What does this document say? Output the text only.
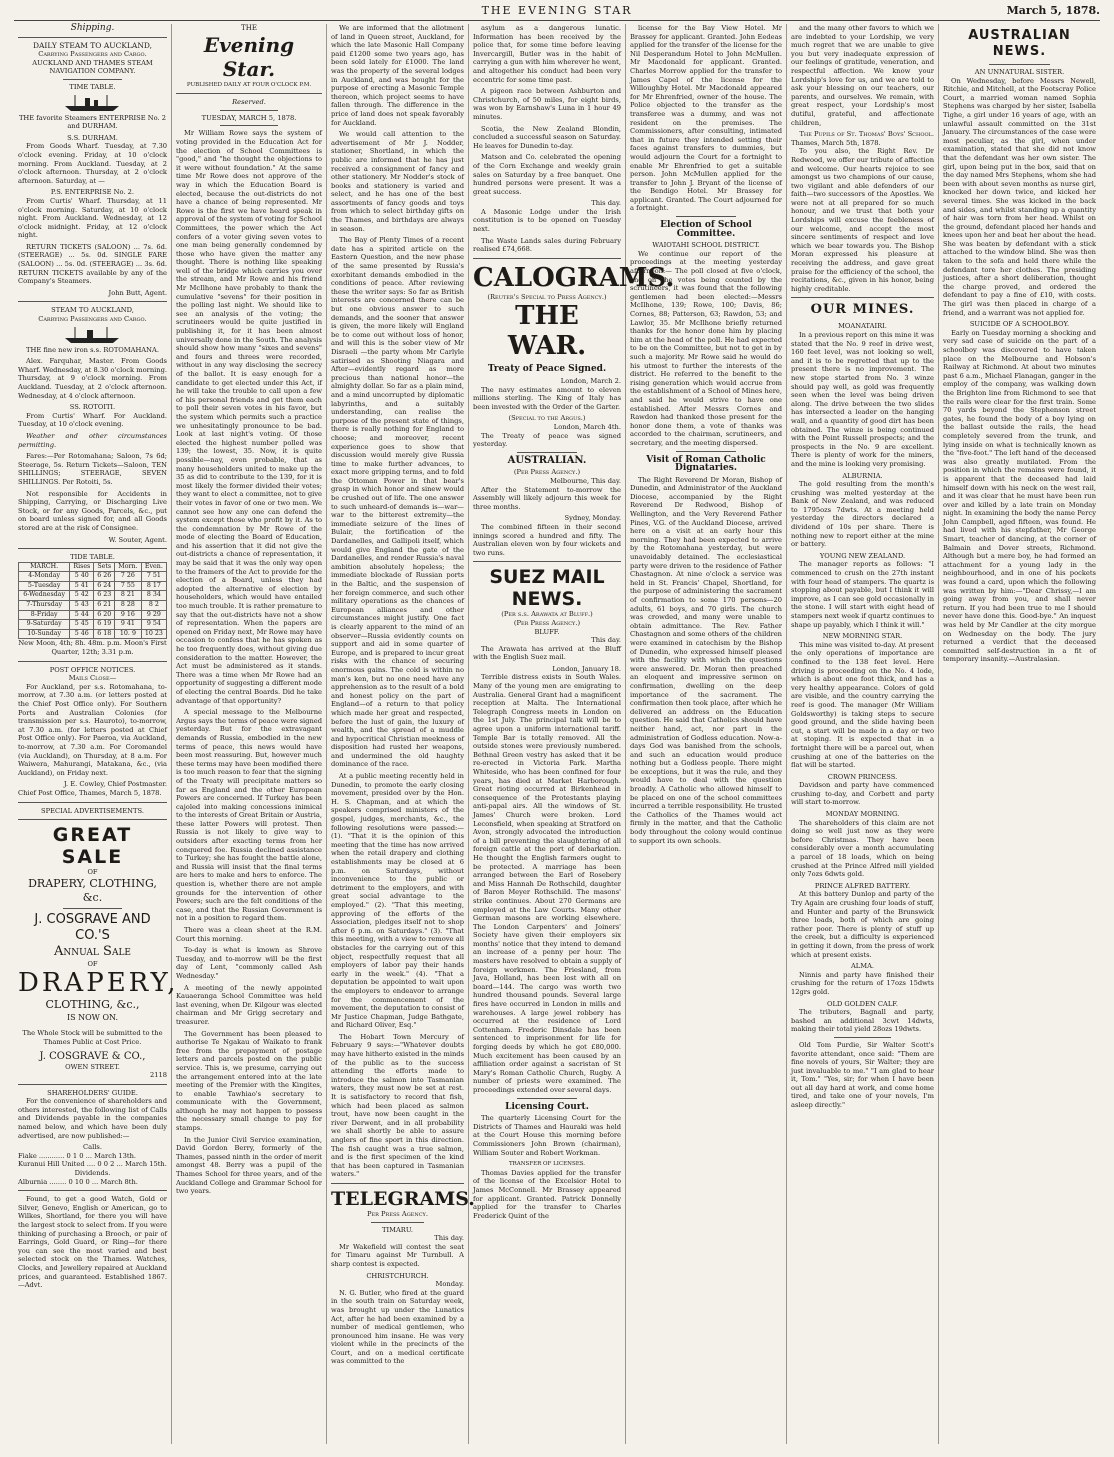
THE EVENING STAR	March 5, 1878.
Shipping.
DAILY STEAM TO AUCKLAND,
Carrying Passengers and Cargo.
AUCKLAND AND THAMES STEAM NAVIGATION COMPANY.
TIME TABLE.

THE favorite Steamers ENTERPRISE No. 2 and DURHAM.

S.S. DURHAM.

From Goods Wharf. Tuesday, at 7.30 o'clock evening. Friday, at 10 o'clock morning. From Auckland. Tuesday, at 2 o'clock afternoon. Thursday, at 2 o'clock afternoon. Saturday, at —

P.S. ENTERPRISE No. 2.

From Curtis' Wharf. Thursday, at 11 o'clock morning. Saturday, at 10 o'clock night. From Auckland. Wednesday, at 12 o'clock midnight. Friday, at 12 o'clock night.

RETURN TICKETS (SALOON) ... 7s. 6d. (STEERAGE) ... 5s. 0d. SINGLE FARE (SALOON) ... 5s. 0d. (STEERAGE) ... 3s. 6d. RETURN TICKETS available by any of the Company's Steamers.

John Butt, Agent.
STEAM TO AUCKLAND,
Carrying Passengers and Cargo.

THE fine new iron s.s. ROTOMAHANA.

Alex. Farquhar, Master. From Goods Wharf. Wednesday, at 8.30 o'clock morning. Thursday, at 9 o'clock morning. From Auckland. Tuesday, at 2 o'clock afternoon. Wednesday, at 4 o'clock afternoon.

SS. ROTOITI.

From Curtis' Wharf. For Auckland. Tuesday, at 10 o'clock evening.

Weather and other circumstances permitting.

Fares:—Per Rotomahana; Saloon, 7s 6d; Steerage, 5s. Return Tickets—Saloon, TEN SHILLINGS; STEERAGE, SEVEN SHILLINGS. Per Rotoiti, 5s.

Not responsible for Accidents in Shipping, Carrying, or Discharging Live Stock, or for any Goods, Parcels, &c., put on board unless signed for, and all Goods stored are at the risk of Consignee.

W. Souter, Agent.
TIDE TABLE.
MARCH.	Rises	Sets	Morn.	Even.
4-Monday	5 40	6 26	7 26	7 51
5-Tuesday	5 41	6 24	7 55	8 17
6-Wednesday	5 42	6 23	8 21	8 34
7-Thursday	5 43	6 21	8 28	8 2
8-Friday	5 44	6 20	9 16	9 29
9-Saturday	5 45	6 19	9 41	9 54
10-Sunday	5 46	6 18	10. 9	10 23

New Moon, 4th; 8h. 48m. p.m. Moon's First Quarter, 12th; 3.31 p.m.

POST OFFICE NOTICES.
Mails Close—

For Auckland, per s.s. Rotomahana, to-morrow, at 7.30 a.m. (or letters posted at the Chief Post Office only). For Southern Ports and Australian Colonies (for transmission per s.s. Hauroto), to-morrow, at 7.30 a.m. (for letters posted at Chief Post Office only). For Paeroa, via Auckland, to-morrow, at 7.30 a.m. For Coromandel (via Auckland), on Thursday, at 8 a.m. For Waiwera, Mahurangi, Matakana, &c., (via Auckland), on Friday next.

J. E. Cowley, Chief Postmaster.
Chief Post Office, Thames, March 5, 1878.
SPECIAL ADVERTISEMENTS.
GREAT SALE
OF
DRAPERY, CLOTHING, &c.
J. COSGRAVE AND CO.'S
Annual Sale
OF
DRAPERY,
CLOTHING, &c.,
IS NOW ON.

The Whole Stock will be submitted to the Thames Public at Cost Price.

J. COSGRAVE & CO.,
OWEN STREET.
2118
SHAREHOLDERS' GUIDE.

For the convenience of shareholders and others interested, the following list of Calls and Dividends payable in the companies named below, and which have been duly advertised, are now published:—

Calls.
Fiake ............ 0 1 0 ... March 13th.
Kuranui Hill United .... 0 0 2 ... March 15th.
Dividends.
Alburnia ........ 0 10 0 ... March 8th.

Found, to get a good Watch, Gold or Silver, Genevo, English or American, go to Wilkes, Shortland, for there you will have the largest stock to select from. If you were thinking of purchasing a Brooch, or pair of Earrings, Gold Guard, or Ring—for there you can see the most varied and best selected stock on the Thames. Watches, Clocks, and Jewellery repaired at Auckland prices, and guaranteed. Established 1867.—Advt.

THE
Evening Star.
PUBLISHED DAILY AT FOUR O'CLOCK P.M.
Reserved.
TUESDAY, MARCH 5, 1878.

Mr William Rowe says the system of voting provided in the Education Act for the election of School Committees is "good," and "he thought the objections to it were without foundation." At the same time Mr Rowe does not approve of the way in which the Education Board is elected, because the out-districts do not have a chance of being represented. Mr Rowe is the first we have heard speak in approval of the system of voting for School Committees, the power which the Act confers of a voter giving seven votes to one man being generally condemned by those who have given the matter any thought. There is nothing like speaking well of the bridge which carries you over the stream, and Mr Rowe and his friend Mr McIlhone have probably to thank the cumulative "sevens" for their position in the polling last night. We should like to see an analysis of the voting; the scrutineers would be quite justified in publishing it, for it has been almost universally done in the South. The analysis should show how many "sixes and sevens" and fours and threes were recorded, without in any way disclosing the secrecy of the ballot. It is easy enough for a candidate to get elected under this Act, if he will take the trouble to call upon a few of his personal friends and get them each to poll their seven votes in his favor, but the system which permits such a practice we unhesitatingly pronounce to be bad. Look at last night's voting. Of those elected the highest number polled was 139; the lowest, 35. Now, it is quite possible—nay, even probable, that as many householders united to make up the 35 as did to contribute to the 139, for it is most likely the former divided their votes; they want to elect a committee, not to give their votes in favor of one or two men. We cannot see how any one can defend the system except those who profit by it. As to the condemnation by Mr Rowe of the mode of electing the Board of Education, and his assertion that it did not give the out-districts a chance of representation, it may be said that it was the only way open to the framers of the Act to provide for the election of a Board, unless they had adopted the alternative of election by householders, which would have entailed too much trouble. It is rather premature to say that the out-districts have not a show of representation. When the papers are opened on Friday next, Mr Rowe may have occasion to confess that he has spoken as he too frequently does, without giving due consideration to the matter. However, the Act must be administered as it stands. There was a time when Mr Rowe had an opportunity of suggesting a different mode of electing the central Boards. Did he take advantage of that opportunity?

A special message to the Melbourne Argus says the terms of peace were signed yesterday. But for the extravagant demands of Russia, embodied in the new terms of peace, this news would have been most reassuring. But, however much these terms may have been modified there is too much reason to fear that the signing of the Treaty will precipitate matters so far as England and the other European Powers are concerned. If Turkey has been cajoled into making concessions inimical to the interests of Great Britain or Austria, these latter Powers will protest. Then Russia is not likely to give way to outsiders after exacting terms from her conquered foe. Russia declined assistance to Turkey; she has fought the battle alone, and Russia will insist that the final terms are hers to make and hers to enforce. The question is, whether there are not ample grounds for the intervention of other Powers; such are the felt conditions of the case, and that the Russian Government is not in a position to regard them.

There was a clean sheet at the R.M. Court this morning.

To-day is what is known as Shrove Tuesday, and to-morrow will be the first day of Lent, "commonly called Ash Wednesday."

A meeting of the newly appointed Kauaeranga School Committee was held last evening, when Dr. Kilgour was elected chairman and Mr Grigg secretary and treasurer.

The Government has been pleased to authorise Te Ngakau of Waikato to frank free from the prepayment of postage letters and parcels posted on the public service. This is, we presume, carrying out the arrangement entered into at the late meeting of the Premier with the Kingites, to enable Tawhiao's secretary to communicate with the Government, although he may not happen to possess the necessary small change to pay for stamps.

In the Junior Civil Service examination, David Gordon Berry, formerly of the Thames, passed ninth in the order of merit amongst 48. Berry was a pupil of the Thames School for three years, and of the Auckland College and Grammar School for two years.

We are informed that the allotment of land in Queen street, Auckland, for which the late Masonic Hall Company paid £1200 some two years ago, has been sold lately for £1000. The land was the property of the several lodges in Auckland, and was bought for the purpose of erecting a Masonic Temple thereon, which project seems to have fallen through. The difference in the price of land does not speak favorably for Auckland.

We would call attention to the advertisement of Mr J. Nodder, stationer, Shortland, in which the public are informed that he has just received a consignment of fancy and other stationery. Mr Nodder's stock of books and stationery is varied and select, and he has one of the best assortments of fancy goods and toys from which to select birthday gifts on the Thames, and birthdays are always in season.

The Bay of Plenty Times of a recent date has a spirited article on the Eastern Question, and the new phase of the same presented by Russia's exorbitant demands embodied in the conditions of peace. After reviewing these the writer says: So far as British interests are concerned there can be but one obvious answer to such demands, and the sooner that answer is given, the more likely will England be to come out without loss of honor, and will this is the sober view of Mr Disraeli —the party whom Mr Carlyle satirised as Shooting Niagara and After—evidently regard as more precious than national honor—the almighty dollar. So far as a plain mind, and a mind uncorrupted by diplomatic labyrinths, and a suitably understanding, can realise the purpose of the present state of things, there is really nothing for England to choose; and moreover, recent experience goes to show that discussion would merely give Russia time to make further advances, to exact more gripping terms, and to fold the Ottoman Power in that bear's grasp in which honor and sinew would be crushed out of life. The one answer to such unheard-of demands is—war—war to the bitterest extremity—the immediate seizure of the lines of Bulair, the fortification of the Dardanelles, and Gallipoli itself, which would give England the gate of the Dardanelles, and render Russia's naval ambition absolutely hopeless; the immediate blockade of Russian ports in the Baltic, and the suspension of her foreign commerce, and such other military operations as the chances of European alliances and other circumstances might justify. One fact is clearly apparent to the mind of an observer—Russia evidently counts on support and aid in some quarter of Europe, and is prepared to incur great risks with the chance of securing enormous gains. The cold is within no man's ken, but no one need have any apprehension as to the result of a bold and honest policy on the part of England—of a return to that policy which made her great and respected, before the lust of gain, the luxury of wealth, and the spread of a muddle and hypocritical Christian meekness of disposition had rusted her weapons, and undermined the old haughty dominance of the race.

At a public meeting recently held in Dunedin, to promote the early closing movement, presided over by the Hon. H. S. Chapman, and at which the speakers comprised ministers of the gospel, judges, merchants, &c., the following resolutions were passed:—(1). "That it is the opinion of this meeting that the time has now arrived when the retail drapery and clothing establishments may be closed at 6 p.m. on Saturdays, without inconvenience to the public or detriment to the employers, and with great social advantage to the employed." (2). "That this meeting, approving of the efforts of the Association, pledges itself not to shop after 6 p.m. on Saturdays." (3). "That this meeting, with a view to remove all obstacles for the carrying out of this object, respectfully request that all employers of labor pay their hands early in the week." (4). "That a deputation be appointed to wait upon the employers to endeavor to arrange for the commencement of the movement, the deputation to consist of Mr Justice Chapman, Judge Bathgate, and Richard Oliver, Esq."

The Hobart Town Mercury of February 9 says:—"Whatever doubts may have hitherto existed in the minds of the public as to the success attending the efforts made to introduce the salmon into Tasmanian waters, they must now be set at rest. It is satisfactory to record that fish, which had been placed as salmon trout, have now been caught in the river Derwent, and in all probability we shall shortly be able to assure anglers of fine sport in this direction. The fish caught was a true salmon, and is the first specimen of the kind that has been captured in Tasmanian waters."

TELEGRAMS.
Per Press Agency.
TIMARU.
This day.

Mr Wakefield will contest the seat for Timaru against Mr Turnbull. A sharp contest is expected.

CHRISTCHURCH.
Monday.

N. G. Butler, who fired at the guard in the south train on Saturday week, was brought up under the Lunatics Act, after he had been examined by a number of medical gentlemen, who pronounced him insane. He was very violent while in the precincts of the Court, and on a medical certificate was committed to the

asylum as a dangerous lunatic. Information has been received by the police that, for some time before leaving Invercargill, Butler was in the habit of carrying a gun with him wherever he went, and altogether his conduct had been very eccentric for some time past.

A pigeon race between Ashburton and Christchurch, of 50 miles, for eight birds, was won by Earnshaw's Luna in 1 hour 49 minutes.

Scotia, the New Zealand Blondin, concluded a successful season on Saturday. He leaves for Dunedin to-day.

Matson and Co. celebrated the opening of the Corn Exchange and weekly grain sales on Saturday by a free banquet. One hundred persons were present. It was a great success.

This day.

A Masonic Lodge under the Irish constitution is to be opened on Tuesday next.

The Waste Lands sales during February realised £74,668.

CALOGRAMS.
(Reuter's Special to Press Agency.)
THE WAR.
Treaty of Peace Signed.
London, March 2.

The navy estimates amount to eleven millions sterling. The King of Italy has been invested with the Order of the Garter.

(Special to the Argus.)
London, March 4th.

The Treaty of peace was signed yesterday.

AUSTRALIAN.
(Per Press Agency.)
Melbourne, This day.

After the Statement to-morrow the Assembly will likely adjourn this week for three months.

Sydney, Monday.

The combined fifteen in their second innings scored a hundred and fifty. The Australian eleven won by four wickets and two runs.

SUEZ MAIL NEWS.
(Per s.s. Arawata at Bluff.)
(Per Press Agency.)
BLUFF.
This day.

The Arawata has arrived at the Bluff with the English Suez mail.

London, January 18.

Terrible distress exists in South Wales. Many of the young men are emigrating to Australia. General Grant had a magnificent reception at Malta. The International Telegraph Congress meets in London on the 1st July. The principal talk will be to agree upon a uniform international tariff. Temple Bar is totally removed. All the outside stones were previously numbered. Bethnal Green vestry has asked that it be re-erected in Victoria Park. Martha Whiteside, who has been confined for four years, has died at Market Harborough. Great rioting occurred at Birkenhead in consequence of the Protestants playing anti-papal airs. All the windows of St. James' Church were broken. Lord Leconsfield, when speaking at Stratford on Avon, strongly advocated the introduction of a bill preventing the slaughtering of all foreign cattle at the port of debarkation. He thought the English farmers ought to be protected. A marriage has been arranged between the Earl of Rosebery and Miss Hannah De Rothschild, daughter of Baron Meyer Rothschild. The masons' strike continues. About 270 Germans are employed at the Law Courts. Many other German masons are working elsewhere. The London Carpenters' and Joiners' Society have given their employers six months' notice that they intend to demand an increase of a penny per hour. The masters have resolved to obtain a supply of foreign workmen. The Friesland, from Java, Holland, has been lost with all on board—144. The cargo was worth two hundred thousand pounds. Several large fires have occurred in London in mills and warehouses. A large jewel robbery has occurred at the residence of Lord Cottenham. Frederic Dinsdale has been sentenced to imprisonment for life for forging deeds by which he got £80,000. Much excitement has been caused by an affiliation order against a sacristan of St Mary's Roman Catholic Church, Rugby. A number of priests were examined. The proceedings extended over several days.

Licensing Court.

The quarterly Licensing Court for the Districts of Thames and Hauraki was held at the Court House this morning before Commissioners John Brown (chairman), William Souter and Robert Workman.

TRANSFER OF LICENSES.

Thomas Davies applied for the transfer of the license of the Excelsior Hotel to James McConnell. Mr Brassey appeared for applicant. Granted. Patrick Donnelly applied for the transfer to Charles Frederick Quint of the

license for the Bay View Hotel. Mr Brassey for applicant. Granted. John Eedeas applied for the transfer of the license for the Nil Desperandum Hotel to John McMullen. Mr Macdonald for applicant. Granted. Charles Morrow applied for the transfer to James Capel of the license for the Willoughby Hotel. Mr Macdonald appeared for Mr Ehrenfried, owner of the house. The Police objected to the transfer as the transferee was a dummy, and was not resident on the premises. The Commissioners, after consulting, intimated that in future they intended setting their faces against transfers to dummies, but would adjourn the Court for a fortnight to enable Mr Ehrenfried to get a suitable person. John McMullen applied for the transfer to John J. Bryant of the license of the Bendigo Hotel. Mr Brassey for applicant. Granted. The Court adjourned for a fortnight.

Election of School Committee.
WAIOTAHI SCHOOL DISTRICT.

We continue our report of the proceedings at the meeting yesterday afternoon:— The poll closed at five o'clock, and on the votes being counted by the scrutineers, it was found that the following gentlemen had been elected:—Messrs McIlhone, 139; Rowe, 100; Davis, 86; Cornes, 88; Patterson, 63; Rawdon, 53; and Lawlor, 35. Mr McIlhone briefly returned thanks for the honor done him by placing him at the head of the poll. He had expected to be on the Committee, but not to get in by such a majority. Mr Rowe said he would do his utmost to further the interests of the district. He referred to the benefit to the rising generation which would accrue from the establishment of a School of Mines here, and said he would strive to have one established. After Messrs Cornes and Rawdon had thanked those present for the honor done them, a vote of thanks was accorded to the chairman, scrutineers, and secretary, and the meeting dispersed.

Visit of Roman Catholic Dignataries.

The Right Reverend Dr Moran, Bishop of Dunedin, and Administrator of the Auckland Diocese, accompanied by the Right Reverend Dr Redwood, Bishop of Wellington, and the Very Reverend Father Pines, V.G. of the Auckland Diocese, arrived here on a visit at an early hour this morning. They had been expected to arrive by the Rotomahana yesterday, but were unavoidably detained. The ecclesiastical party were driven to the residence of Father Chastagnon. At nine o'clock a service was held in St. Francis' Chapel, Shortland, for the purpose of administering the sacrament of confirmation to some 170 persons—20 adults, 61 boys, and 70 girls. The church was crowded, and many were unable to obtain admittance. The Rev. Father Chastagnon and some others of the children were examined in catechism by the Bishop of Dunedin, who expressed himself pleased with the facility with which the questions were answered. Dr. Moran then preached an eloquent and impressive sermon on confirmation, dwelling on the deep importance of the sacrament. The confirmation then took place, after which he delivered an address on the Education question. He said that Catholics should have neither hand, act, nor part in the administration of Godless education. Now-a-days God was banished from the schools, and such an education would produce nothing but a Godless people. There might be exceptions, but it was the rule, and they would have to deal with the question broadly. A Catholic who allowed himself to be placed on one of the school committees incurred a terrible responsibility. He trusted the Catholics of the Thames would act firmly in the matter, and that the Catholic body throughout the colony would continue to support its own schools.

and the many other favors to which we are indebted to your Lordship, we very much regret that we are unable to give you but very inadequate expression of our feelings of gratitude, veneration, and respectful affection. We know your Lordship's love for us, and we are told to ask your blessing on our teachers, our parents, and ourselves. We remain, with great respect, your Lordship's most dutiful, grateful, and affectionate children,

The Pupils of St. Thomas' Boys' School.
Thames, March 5th, 1878.

To you also, the Right Rev. Dr Redwood, we offer our tribute of affection and welcome. Our hearts rejoice to see amongst us two champions of our cause, two vigilant and able defenders of our faith—two successors of the Apostles. We were not at all prepared for so much honour, and we trust that both your Lordships will excuse the feebleness of our welcome, and accept the most sincere sentiments of respect and love which we bear towards you. The Bishop Moran expressed his pleasure at receiving the address, and gave great praise for the efficiency of the school, the recitations, &c., given in his honor, being highly creditable.

OUR MINES.
MOANATAIRI.

In a previous report on this mine it was stated that the No. 9 reef in drive west, 160 feet level, was not looking so well, and it is to be regretted that up to the present there is no improvement. The new stope started from No. 3 winze should pay well, as gold was frequently seen when the level was being driven along. The drive between the two slides has intersected a leader on the hanging wall, and a quantity of good dirt has been obtained. The winze is being continued with the Point Russell prospects; and the prospects in the No. 9 are excellent. There is plenty of work for the miners, and the mine is looking very promising.

ALBURNIA.

The gold resulting from the month's crushing was melted yesterday at the Bank of New Zealand, and was reduced to 1795ozs 7dwts. At a meeting held yesterday the directors declared a dividend of 10s per share. There is nothing new to report either at the mine or battery.

YOUNG NEW ZEALAND.

The manager reports as follows: "I commenced to crush on the 27th instant with four head of stampers. The quartz is stopping about payable, but I think it will improve, as I can see gold occasionally in the stone. I will start with eight head of stampers next week if quartz continues to shape up payably, which I think it will."

NEW MORNING STAR.

This mine was visited to-day. At present the only operations of importance are confined to the 138 feet level. Here driving is proceeding on the No. 4 lode, which is about one foot thick, and has a very healthy appearance. Colors of gold are visible, and the country carrying the reef is good. The manager (Mr William Goldsworthy) is taking steps to secure good ground, and the slide having been cut, a start will be made in a day or two at stoping. It is expected that in a fortnight there will be a parcel out, when crushing at one of the batteries on the flat will be started.

CROWN PRINCESS.

Davidson and party have commenced crushing to-day, and Corbett and party will start to-morrow.

MONDAY MORNING.

The shareholders of this claim are not doing so well just now as they were before Christmas. They have been considerably over a month accumulating a parcel of 18 loads, which on being crushed at the Prince Alfred mill yielded only 7ozs 6dwts gold.

PRINCE ALFRED BATTERY.

At this battery Dunlop and party of the Try Again are crushing four loads of stuff, and Hunter and party of the Brunswick three loads, both of which are going rather poor. There is plenty of stuff up the creek, but a difficulty is experienced in getting it down, from the press of work which at present exists.

ALMA.

Ninnis and party have finished their crushing for the return of 17ozs 15dwts 12grs gold.

OLD GOLDEN CALF.

The tributers, Bagnall and party, bashed an additional 3cwt 14dwts, making their total yield 28ozs 19dwts.

Old Tom Purdie, Sir Walter Scott's favorite attendant, once said: "Them are fine novels of yours, Sir Walter; they are just invaluable to me." "I am glad to hear it, Tom." "Yes, sir; for when I have been out all day hard at work, and come home tired, and take one of your novels, I'm asleep directly."

AUSTRALIAN NEWS.
AN UNNATURAL SISTER.

On Wednesday, before Messrs Newell, Ritchie, and Mitchell, at the Footscray Police Court, a married woman named Sophia Stephens was charged by her sister, Isabella Tighe, a girl under 16 years of age, with an unlawful assault committed on the 31st January. The circumstances of the case were most peculiar, as the girl, when under examination, stated that she did not know that the defendant was her own sister. The girl, upon being put in the box, said that on the day named Mrs Stephens, whom she had been with about seven months as nurse girl, knocked her down twice, and kicked her several times. She was kicked in the back and sides, and whilst standing up a quantity of hair was torn from her head. Whilst on the ground, defendant placed her hands and knees upon her and beat her about the head. She was beaten by defendant with a stick attached to the window blind. She was then taken to the sofa and held there while the defendant tore her clothes. The presiding justices, after a short deliberation, thought the charge proved, and ordered the defendant to pay a fine of £10, with costs. The girl was then placed in charge of a friend, and a warrant was not applied for.

SUICIDE OF A SCHOOLBOY.

Early on Tuesday morning a shocking and very sad case of suicide on the part of a schoolboy was discovered to have taken place on the Melbourne and Hobson's Railway at Richmond. At about two minutes past 6 a.m., Michael Flanagan, ganger in the employ of the company, was walking down the Brighton line from Richmond to see that the rails were clear for the first train. Some 70 yards beyond the Stephenson street gates, he found the body of a boy lying on the ballast outside the rails, the head completely severed from the trunk, and lying inside on what is technically known as the "five-foot." The left hand of the deceased was also greatly mutilated. From the position in which the remains were found, it is apparent that the deceased had laid himself down with his neck on the west rail, and it was clear that he must have been run over and killed by a late train on Monday night. In examining the body the name Percy John Campbell, aged fifteen, was found. He had lived with his stepfather, Mr George Smart, teacher of dancing, at the corner of Balmain and Dover streets, Richmond. Although but a mere boy, he had formed an attachment for a young lady in the neighbourhood, and in one of his pockets was found a card, upon which the following was written by him:—"Dear Chrissy,—I am going away from you, and shall never return. If you had been true to me I should never have done this. Good-bye." An inquest was held by Mr Candler at the city morgue on Wednesday on the body. The jury returned a verdict that the deceased committed self-destruction in a fit of temporary insanity.—Australasian.
